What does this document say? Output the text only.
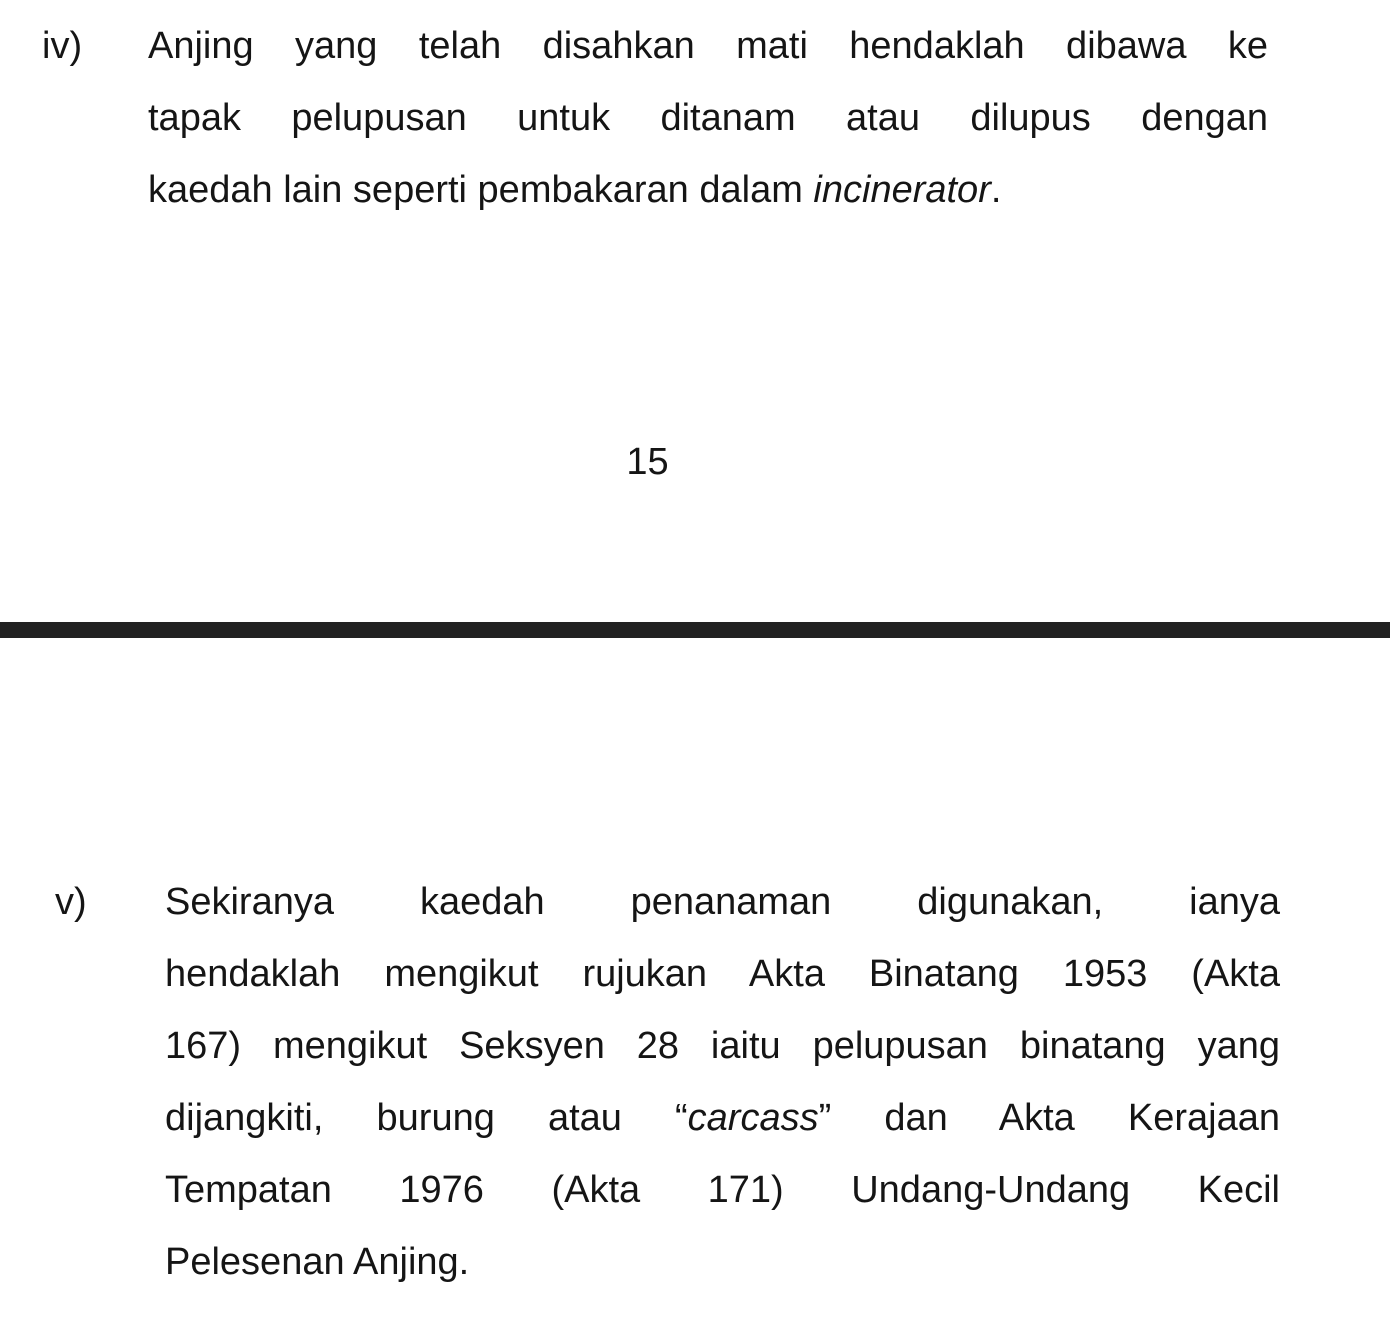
iv) Anjing yang telah disahkan mati hendaklah dibawa ke
tapak pelupusan untuk ditanam atau dilupus dengan
kaedah lain seperti pembakaran dalam incinerator.
15
v) Sekiranya kaedah penanaman digunakan, ianya
hendaklah mengikut rujukan Akta Binatang 1953 (Akta
167) mengikut Seksyen 28 iaitu pelupusan binatang yang
dijangkiti, burung atau “carcass” dan Akta Kerajaan
Tempatan 1976 (Akta 171) Undang-Undang Kecil
Pelesenan Anjing.
